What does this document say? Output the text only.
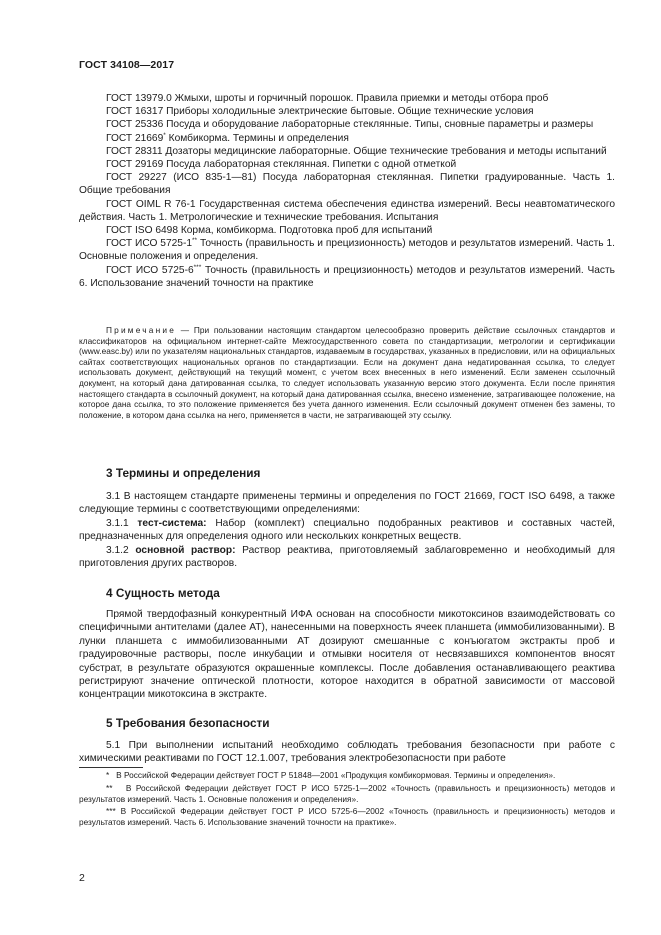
ГОСТ 34108—2017

ГОСТ 13979.0 Жмыхи, шроты и горчичный порошок. Правила приемки и методы отбора проб

ГОСТ 16317 Приборы холодильные электрические бытовые. Общие технические условия

ГОСТ 25336 Посуда и оборудование лабораторные стеклянные. Типы, сновные параметры и размеры

ГОСТ 21669* Комбикорма. Термины и определения

ГОСТ 28311 Дозаторы медицинские лабораторные. Общие технические требования и методы испытаний

ГОСТ 29169 Посуда лабораторная стеклянная. Пипетки с одной отметкой

ГОСТ 29227 (ИСО 835-1—81) Посуда лабораторная стеклянная. Пипетки градуированные. Часть 1. Общие требования

ГОСТ OIML R 76-1 Государственная система обеспечения единства измерений. Весы неавтоматического действия. Часть 1. Метрологические и технические требования. Испытания

ГОСТ ISO 6498 Корма, комбикорма. Подготовка проб для испытаний

ГОСТ ИСО 5725-1** Точность (правильность и прецизионность) методов и результатов измерений. Часть 1. Основные положения и определения.

ГОСТ ИСО 5725-6*** Точность (правильность и прецизионность) методов и результатов измерений. Часть 6. Использование значений точности на практике

Примечание — При пользовании настоящим стандартом целесообразно проверить действие ссылочных стандартов и классификаторов на официальном интернет-сайте Межгосударственного совета по стандартизации, метрологии и сертификации (www.easc.by) или по указателям национальных стандартов, издаваемым в государствах, указанных в предисловии, или на официальных сайтах соответствующих национальных органов по стандартизации. Если на документ дана недатированная ссылка, то следует использовать документ, действующий на текущий момент, с учетом всех внесенных в него изменений. Если заменен ссылочный документ, на который дана датированная ссылка, то следует использовать указанную версию этого документа. Если после принятия настоящего стандарта в ссылочный документ, на который дана датированная ссылка, внесено изменение, затрагивающее положение, на которое дана ссылка, то это положение применяется без учета данного изменения. Если ссылочный документ отменен без замены, то положение, в котором дана ссылка на него, применяется в части, не затрагивающей эту ссылку.

3 Термины и определения

3.1 В настоящем стандарте применены термины и определения по ГОСТ 21669, ГОСТ ISO 6498, а также следующие термины с соответствующими определениями:

3.1.1 тест-система: Набор (комплект) специально подобранных реактивов и составных частей, предназначенных для определения одного или нескольких конкретных веществ.

3.1.2 основной раствор: Раствор реактива, приготовляемый заблаговременно и необходимый для приготовления других растворов.

4 Сущность метода

Прямой твердофазный конкурентный ИФА основан на способности микотоксинов взаимодействовать со специфичными антителами (далее АТ), нанесенными на поверхность ячеек планшета (иммобилизованными). В лунки планшета с иммобилизованными АТ дозируют смешанные с конъюгатом экстракты проб и градуировочные растворы, после инкубации и отмывки носителя от несвязавшихся компонентов вносят субстрат, в результате образуются окрашенные комплексы. После добавления останавливающего реактива регистрируют значение оптической плотности, которое находится в обратной зависимости от массовой концентрации микотоксина в экстракте.

5 Требования безопасности

5.1 При выполнении испытаний необходимо соблюдать требования безопасности при работе с химическими реактивами по ГОСТ 12.1.007, требования электробезопасности при работе

* В Российской Федерации действует ГОСТ Р 51848—2001 «Продукция комбикормовая. Термины и определения».

** В Российской Федерации действует ГОСТ Р ИСО 5725-1—2002 «Точность (правильность и прецизионность) методов и результатов измерений. Часть 1. Основные положения и определения».

*** В Российской Федерации действует ГОСТ Р ИСО 5725-6—2002 «Точность (правильность и прецизионность) методов и результатов измерений. Часть 6. Использование значений точности на практике».

2
